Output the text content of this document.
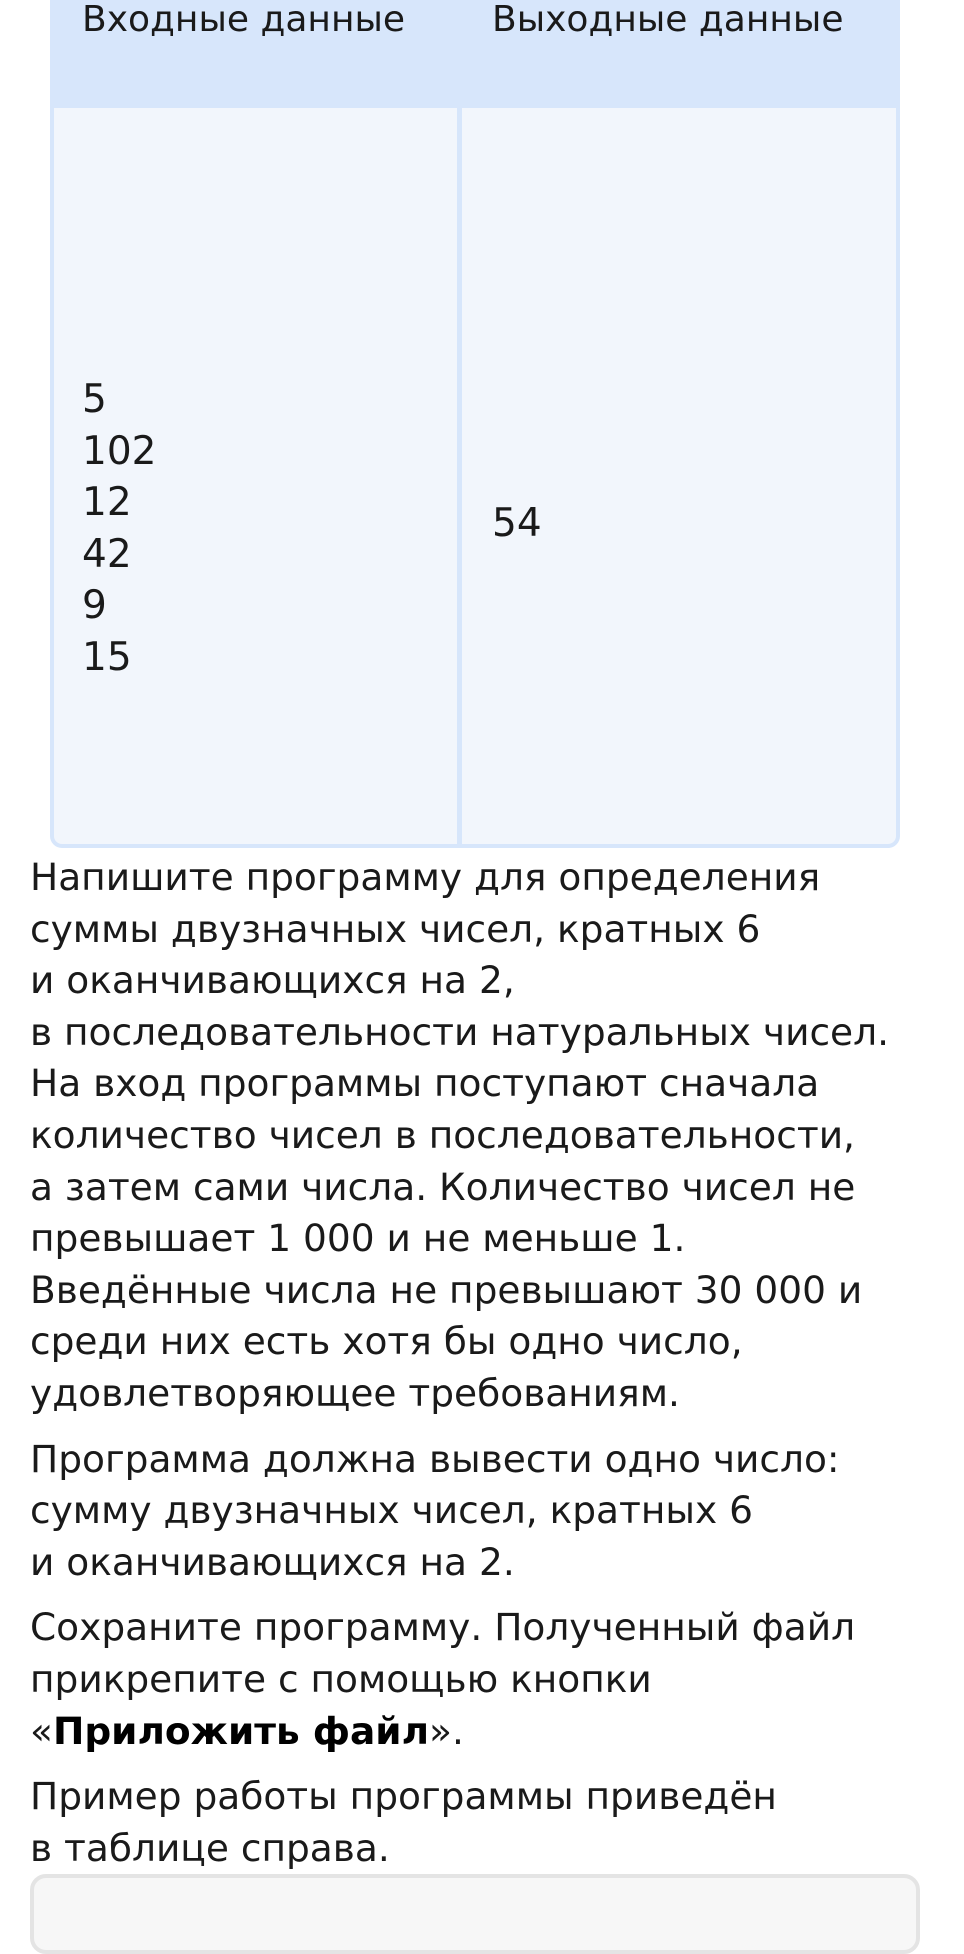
Входные данные	Выходные данные
5
102
12
42
9
15
54

Напишите программу для определения
суммы двузначных чисел, кратных 6
и оканчивающихся на 2,
в последовательности натуральных чисел.
На вход программы поступают сначала
количество чисел в последовательности,
а затем сами числа. Количество чисел не
превышает 1 000 и не меньше 1.
Введённые числа не превышают 30 000 и
среди них есть хотя бы одно число,
удовлетворяющее требованиям.

Программа должна вывести одно число:
сумму двузначных чисел, кратных 6
и оканчивающихся на 2.

Сохраните программу. Полученный файл
прикрепите с помощью кнопки
«Приложить файл».

Пример работы программы приведён
в таблице справа.
